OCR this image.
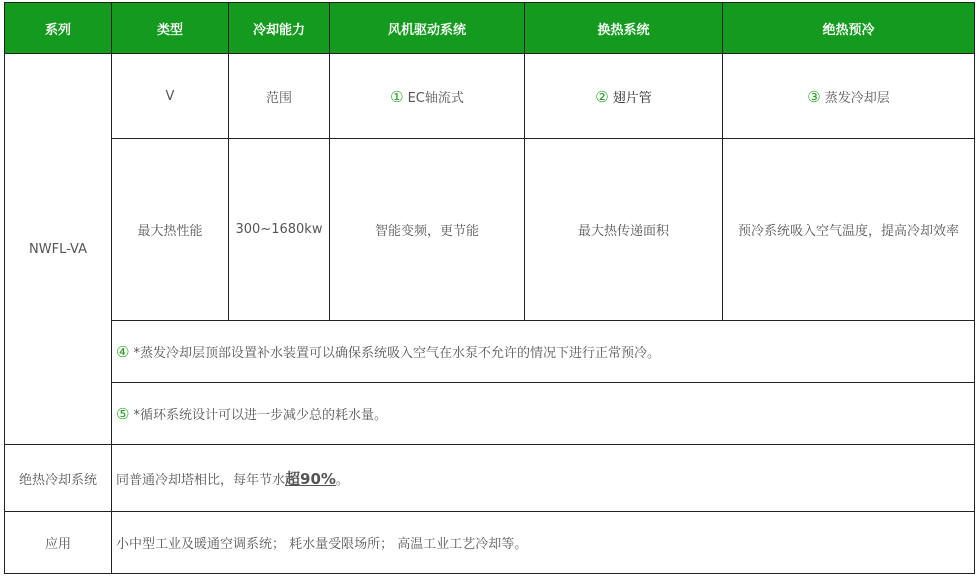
系列	类型	冷却能力	风机驱动系统	换热系统	绝热预冷
NWFL-VA	V	范围	① EC轴流式	② 翅片管	③ 蒸发冷却层
	最大热性能	300~1680kw	智能变频，更节能	最大热传递面积	预冷系统吸入空气温度，提高冷却效率
	④ *蒸发冷却层顶部设置补水装置可以确保系统吸入空气在水泵不允许的情况下进行正常预冷。				
	⑤ *循环系统设计可以进一步减少总的耗水量。				
绝热冷却系统	同普通冷却塔相比，每年节水超90%。				
应用	小中型工业及暖通空调系统； 耗水量受限场所； 高温工业工艺冷却等。				
